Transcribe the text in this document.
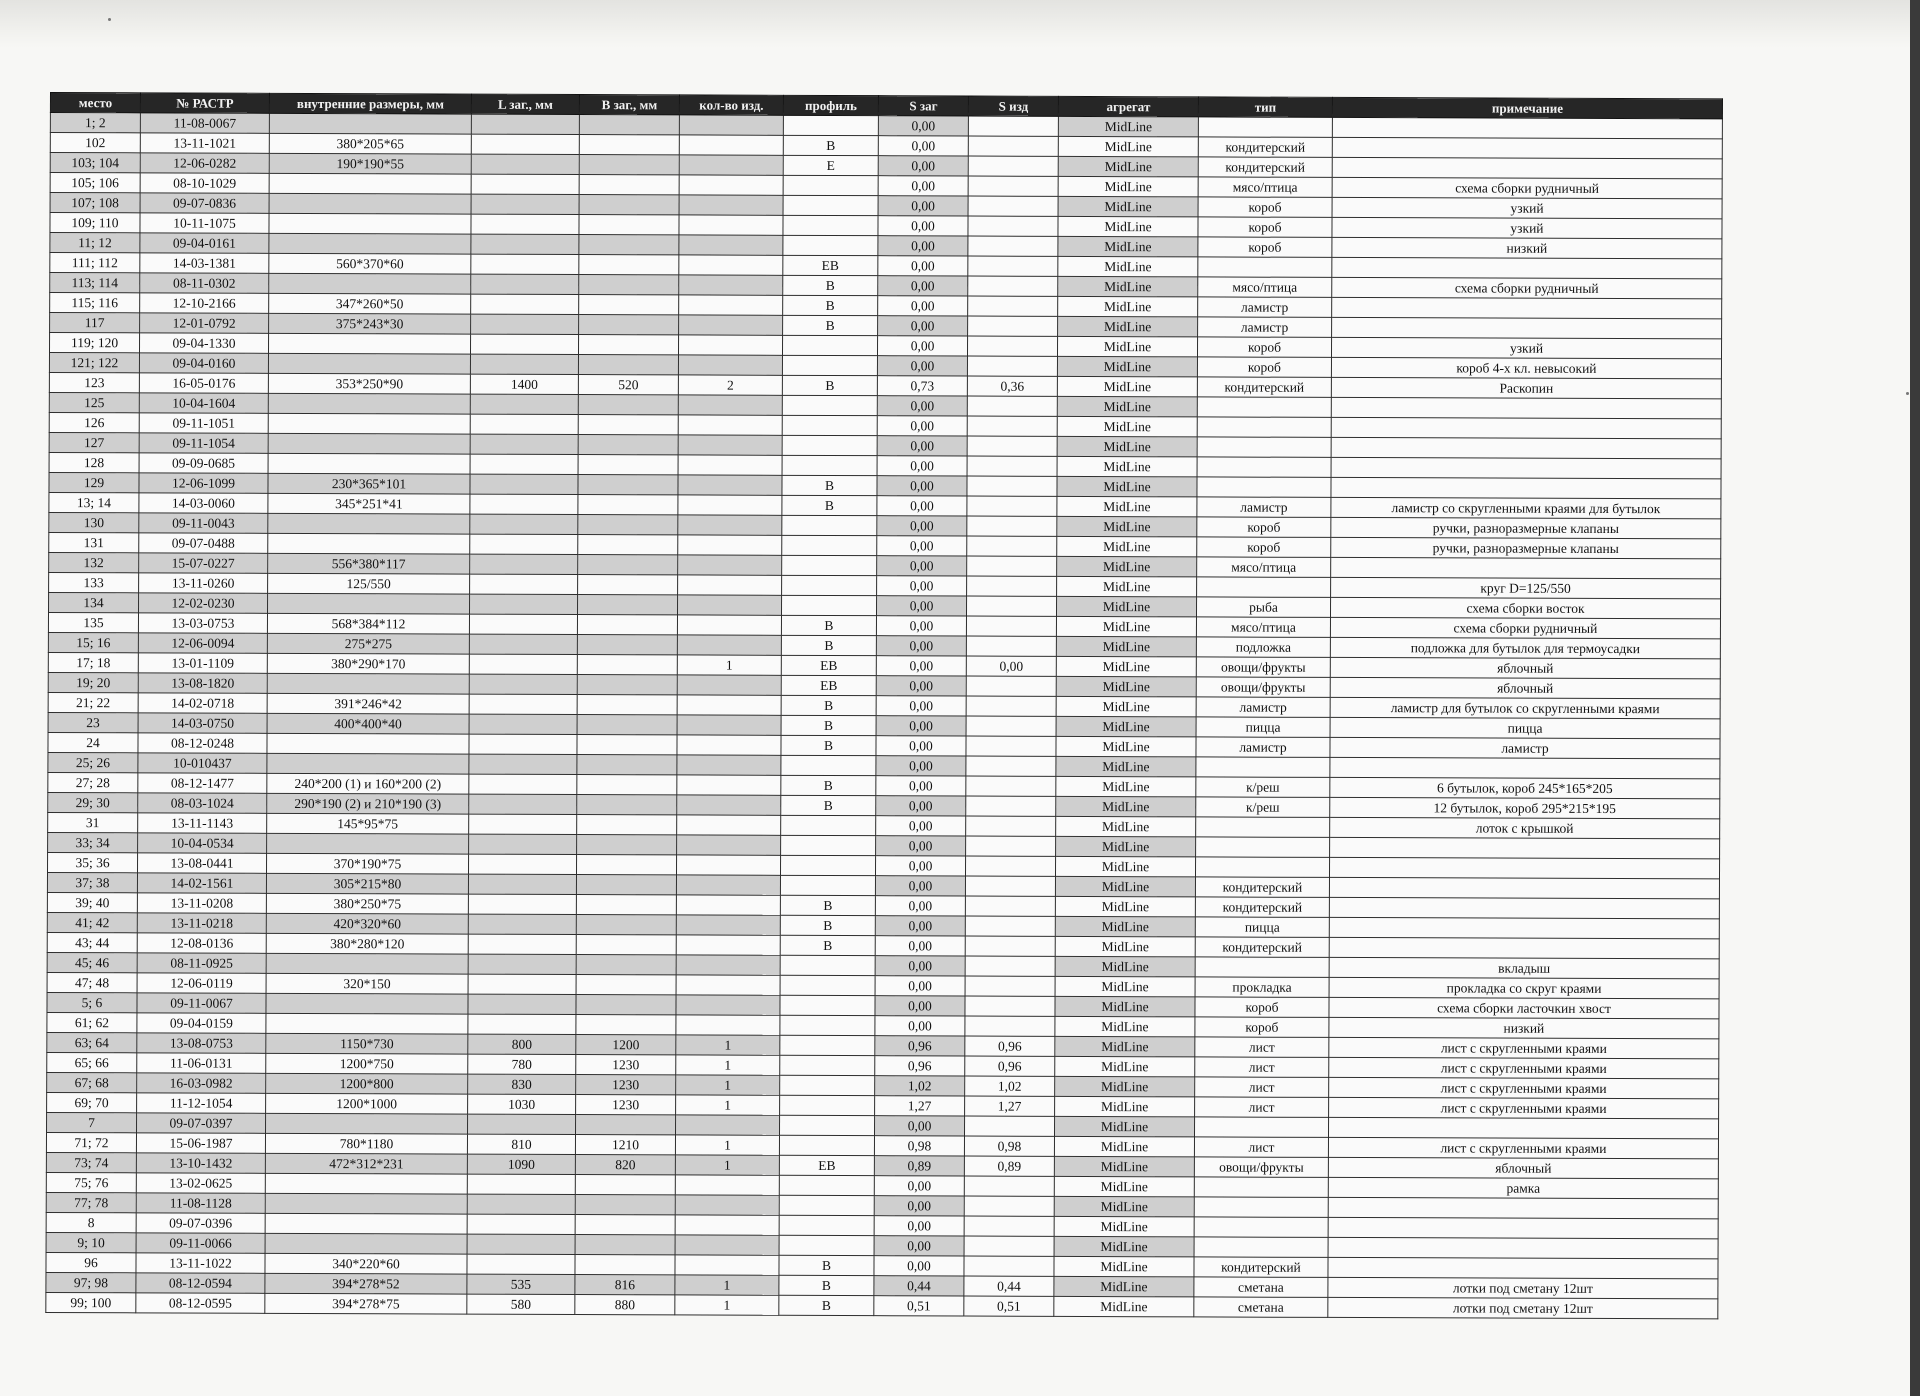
место	№ РАСТР	внутренние размеры, мм	L заг., мм	B заг., мм	кол-во изд.	профиль	S заг	S изд	агрегат	тип	примечание
1; 2	11-08-0067						0,00		MidLine		
102	13-11-1021	380*205*65				B	0,00		MidLine	кондитерский	
103; 104	12-06-0282	190*190*55				E	0,00		MidLine	кондитерский	
105; 106	08-10-1029						0,00		MidLine	мясо/птица	схема сборки рудничный
107; 108	09-07-0836						0,00		MidLine	короб	узкий
109; 110	10-11-1075						0,00		MidLine	короб	узкий
11; 12	09-04-0161						0,00		MidLine	короб	низкий
111; 112	14-03-1381	560*370*60				EB	0,00		MidLine		
113; 114	08-11-0302					B	0,00		MidLine	мясо/птица	схема сборки рудничный
115; 116	12-10-2166	347*260*50				B	0,00		MidLine	ламистр	
117	12-01-0792	375*243*30				B	0,00		MidLine	ламистр	
119; 120	09-04-1330						0,00		MidLine	короб	узкий
121; 122	09-04-0160						0,00		MidLine	короб	короб 4-х кл. невысокий
123	16-05-0176	353*250*90	1400	520	2	B	0,73	0,36	MidLine	кондитерский	Раскопин
125	10-04-1604						0,00		MidLine		
126	09-11-1051						0,00		MidLine		
127	09-11-1054						0,00		MidLine		
128	09-09-0685						0,00		MidLine		
129	12-06-1099	230*365*101				B	0,00		MidLine		
13; 14	14-03-0060	345*251*41				B	0,00		MidLine	ламистр	ламистр со скругленными краями для бутылок
130	09-11-0043						0,00		MidLine	короб	ручки, разноразмерные клапаны
131	09-07-0488						0,00		MidLine	короб	ручки, разноразмерные клапаны
132	15-07-0227	556*380*117					0,00		MidLine	мясо/птица	
133	13-11-0260	125/550					0,00		MidLine		круг D=125/550
134	12-02-0230						0,00		MidLine	рыба	схема сборки восток
135	13-03-0753	568*384*112				B	0,00		MidLine	мясо/птица	схема сборки рудничный
15; 16	12-06-0094	275*275				B	0,00		MidLine	подложка	подложка для бутылок для термоусадки
17; 18	13-01-1109	380*290*170			1	EB	0,00	0,00	MidLine	овощи/фрукты	яблочный
19; 20	13-08-1820					EB	0,00		MidLine	овощи/фрукты	яблочный
21; 22	14-02-0718	391*246*42				B	0,00		MidLine	ламистр	ламистр для бутылок со скругленными краями
23	14-03-0750	400*400*40				B	0,00		MidLine	пицца	пицца
24	08-12-0248					B	0,00		MidLine	ламистр	ламистр
25; 26	10-010437						0,00		MidLine		
27; 28	08-12-1477	240*200 (1) и 160*200 (2)				B	0,00		MidLine	к/реш	6 бутылок, короб 245*165*205
29; 30	08-03-1024	290*190 (2) и 210*190 (3)				B	0,00		MidLine	к/реш	12 бутылок, короб 295*215*195
31	13-11-1143	145*95*75					0,00		MidLine		лоток с крышкой
33; 34	10-04-0534						0,00		MidLine		
35; 36	13-08-0441	370*190*75					0,00		MidLine		
37; 38	14-02-1561	305*215*80					0,00		MidLine	кондитерский	
39; 40	13-11-0208	380*250*75				B	0,00		MidLine	кондитерский	
41; 42	13-11-0218	420*320*60				B	0,00		MidLine	пицца	
43; 44	12-08-0136	380*280*120				B	0,00		MidLine	кондитерский	
45; 46	08-11-0925						0,00		MidLine		вкладыш
47; 48	12-06-0119	320*150					0,00		MidLine	прокладка	прокладка со скруг краями
5; 6	09-11-0067						0,00		MidLine	короб	схема сборки ласточкин хвост
61; 62	09-04-0159						0,00		MidLine	короб	низкий
63; 64	13-08-0753	1150*730	800	1200	1		0,96	0,96	MidLine	лист	лист с скругленными краями
65; 66	11-06-0131	1200*750	780	1230	1		0,96	0,96	MidLine	лист	лист с скругленными краями
67; 68	16-03-0982	1200*800	830	1230	1		1,02	1,02	MidLine	лист	лист с скругленными краями
69; 70	11-12-1054	1200*1000	1030	1230	1		1,27	1,27	MidLine	лист	лист с скругленными краями
7	09-07-0397						0,00		MidLine		
71; 72	15-06-1987	780*1180	810	1210	1		0,98	0,98	MidLine	лист	лист с скругленными краями
73; 74	13-10-1432	472*312*231	1090	820	1	EB	0,89	0,89	MidLine	овощи/фрукты	яблочный
75; 76	13-02-0625						0,00		MidLine		рамка
77; 78	11-08-1128						0,00		MidLine		
8	09-07-0396						0,00		MidLine		
9; 10	09-11-0066						0,00		MidLine		
96	13-11-1022	340*220*60				B	0,00		MidLine	кондитерский	
97; 98	08-12-0594	394*278*52	535	816	1	B	0,44	0,44	MidLine	сметана	лотки под сметану 12шт
99; 100	08-12-0595	394*278*75	580	880	1	B	0,51	0,51	MidLine	сметана	лотки под сметану 12шт
